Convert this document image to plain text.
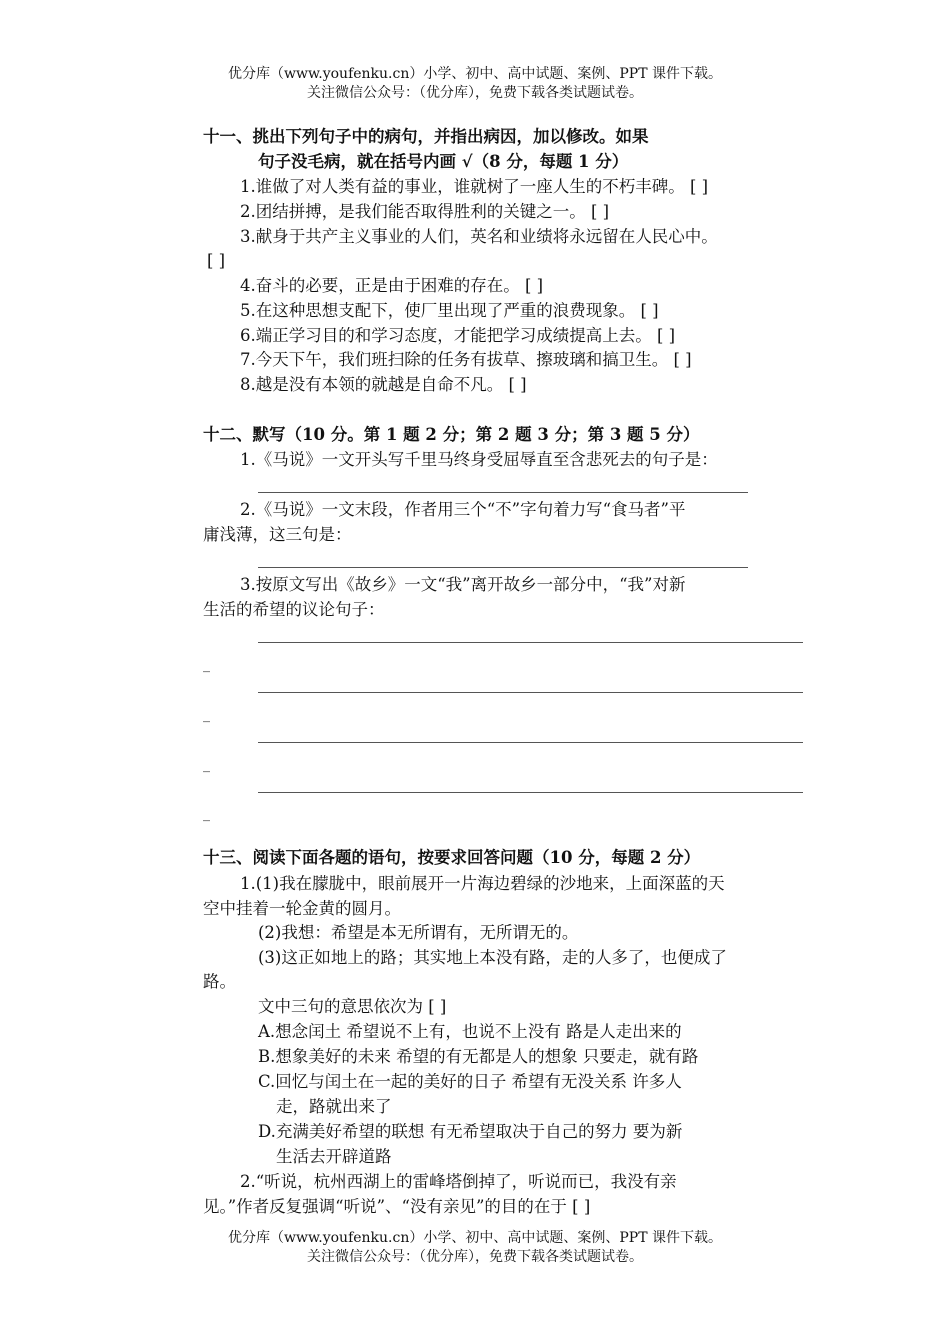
优分库（www.youfenku.cn）小学、初中、高中试题、案例、PPT 课件下载。
关注微信公众号：（优分库），免费下载各类试题试卷。
十一、挑出下列句子中的病句，并指出病因，加以修改。如果
句子没毛病，就在括号内画 √（8 分，每题 1 分）
1.谁做了对人类有益的事业，谁就树了一座人生的不朽丰碑。 [ ]
2.团结拼搏，是我们能否取得胜利的关键之一。 [ ]
3.献身于共产主义事业的人们，英名和业绩将永远留在人民心中。
[ ]
4.奋斗的必要，正是由于困难的存在。 [ ]
5.在这种思想支配下，使厂里出现了严重的浪费现象。 [ ]
6.端正学习目的和学习态度，才能把学习成绩提高上去。 [ ]
7.今天下午，我们班扫除的任务有拔草、擦玻璃和搞卫生。 [ ]
8.越是没有本领的就越是自命不凡。 [ ]
十二、默写（10 分。第 1 题 2 分；第 2 题 3 分；第 3 题 5 分）
1.《马说》一文开头写千里马终身受屈辱直至含悲死去的句子是：
2.《马说》一文末段，作者用三个“不”字句着力写“食马者”平
庸浅薄，这三句是：
3.按原文写出《故乡》一文“我”离开故乡一部分中，“我”对新
生活的希望的议论句子：
_
_
_
_
十三、阅读下面各题的语句，按要求回答问题（10 分，每题 2 分）
1.(1)我在朦胧中，眼前展开一片海边碧绿的沙地来，上面深蓝的天
空中挂着一轮金黄的圆月。
(2)我想：希望是本无所谓有，无所谓无的。
(3)这正如地上的路；其实地上本没有路，走的人多了，也便成了
路。
文中三句的意思依次为 [ ]
A.想念闰土 希望说不上有，也说不上没有 路是人走出来的
B.想象美好的未来 希望的有无都是人的想象 只要走，就有路
C.回忆与闰土在一起的美好的日子 希望有无没关系 许多人
走，路就出来了
D.充满美好希望的联想 有无希望取决于自己的努力 要为新
生活去开辟道路
2.“听说，杭州西湖上的雷峰塔倒掉了，听说而已，我没有亲
见。”作者反复强调“听说”、“没有亲见”的目的在于 [ ]
优分库（www.youfenku.cn）小学、初中、高中试题、案例、PPT 课件下载。
关注微信公众号：（优分库），免费下载各类试题试卷。
